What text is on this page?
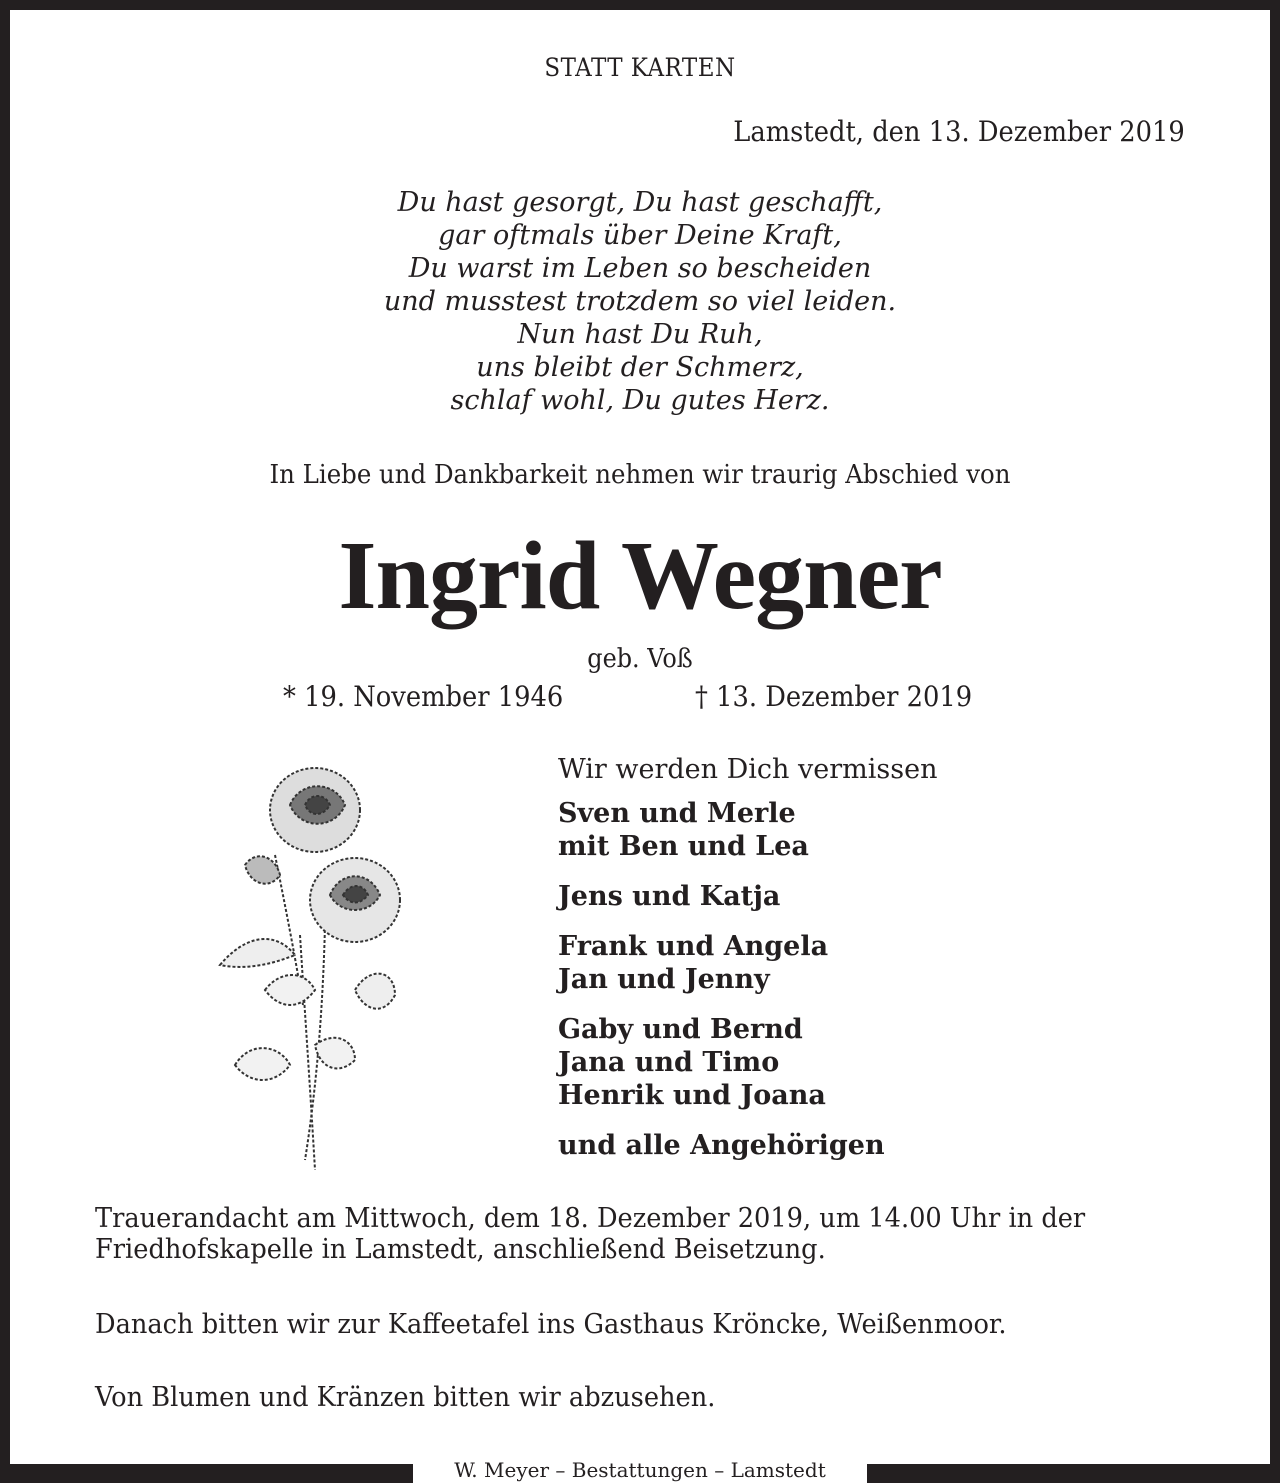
STATT KARTEN
Lamstedt, den 13. Dezember 2019
Du hast gesorgt, Du hast geschafft,
gar oftmals über Deine Kraft,
Du warst im Leben so bescheiden
und musstest trotzdem so viel leiden.
Nun hast Du Ruh,
uns bleibt der Schmerz,
schlaf wohl, Du gutes Herz.
In Liebe und Dankbarkeit nehmen wir traurig Abschied von
Ingrid Wegner
geb. Voß
* 19. November 1946	† 13. Dezember 2019
Wir werden Dich vermissen
Sven und Merle
mit Ben und Lea
Jens und Katja
Frank und Angela
Jan und Jenny
Gaby und Bernd
Jana und Timo
Henrik und Joana
und alle Angehörigen
Trauerandacht am Mittwoch, dem 18. Dezember 2019, um 14.00 Uhr in der
Friedhofskapelle in Lamstedt, anschließend Beisetzung.
Danach bitten wir zur Kaffeetafel ins Gasthaus Kröncke, Weißenmoor.
Von Blumen und Kränzen bitten wir abzusehen.
W. Meyer – Bestattungen – Lamstedt
